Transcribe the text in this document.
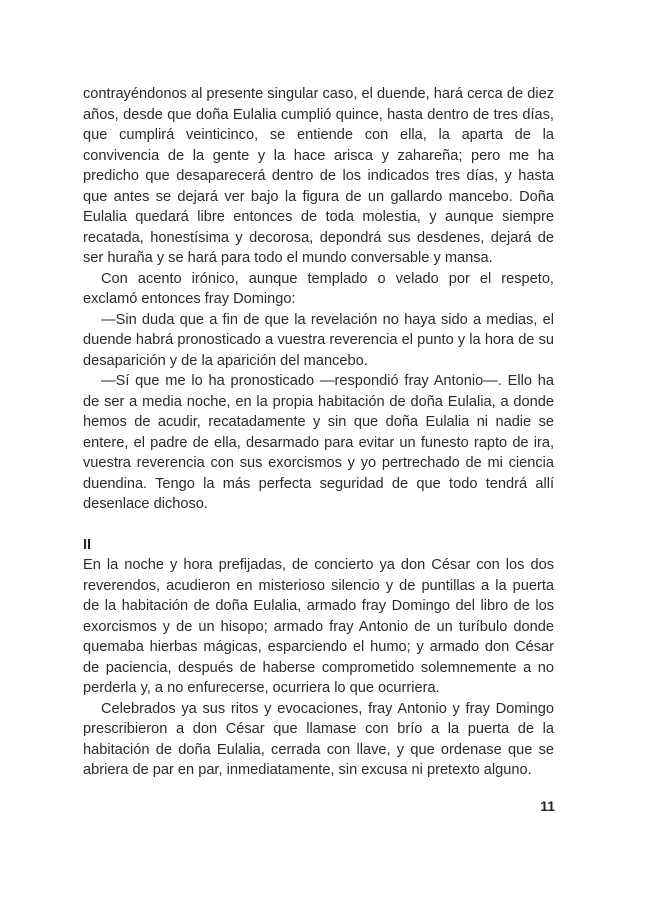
contrayéndonos al presente singular caso, el duende, hará cerca de diez años, desde que doña Eulalia cumplió quince, hasta dentro de tres días, que cumplirá veinticinco, se entiende con ella, la aparta de la convivencia de la gente y la hace arisca y zahareña; pero me ha predicho que desaparecerá dentro de los indicados tres días, y hasta que antes se dejará ver bajo la figura de un gallardo mancebo. Doña Eulalia quedará libre entonces de toda molestia, y aunque siempre recatada, honestísima y decorosa, depondrá sus desdenes, dejará de ser huraña y se hará para todo el mundo conversable y mansa.

Con acento irónico, aunque templado o velado por el respeto, exclamó entonces fray Domingo:

—Sin duda que a fin de que la revelación no haya sido a medias, el duende habrá pronosticado a vuestra reverencia el punto y la hora de su desaparición y de la aparición del mancebo.

—Sí que me lo ha pronosticado —respondió fray Antonio—. Ello ha de ser a media noche, en la propia habitación de doña Eulalia, a donde hemos de acudir, recatadamente y sin que doña Eulalia ni nadie se entere, el padre de ella, desarmado para evitar un funesto rapto de ira, vuestra reverencia con sus exorcismos y yo pertrechado de mi ciencia duendina. Tengo la más perfecta seguridad de que todo tendrá allí desenlace dichoso.

II

En la noche y hora prefijadas, de concierto ya don César con los dos reverendos, acudieron en misterioso silencio y de puntillas a la puerta de la habitación de doña Eulalia, armado fray Domingo del libro de los exorcismos y de un hisopo; armado fray Antonio de un turíbulo donde quemaba hierbas mágicas, esparciendo el humo; y armado don César de paciencia, después de haberse comprometido solemnemente a no perderla y, a no enfurecerse, ocurriera lo que ocurriera.

Celebrados ya sus ritos y evocaciones, fray Antonio y fray Domingo prescribieron a don César que llamase con brío a la puerta de la habitación de doña Eulalia, cerrada con llave, y que ordenase que se abriera de par en par, inmediatamente, sin excusa ni pretexto alguno.

11
